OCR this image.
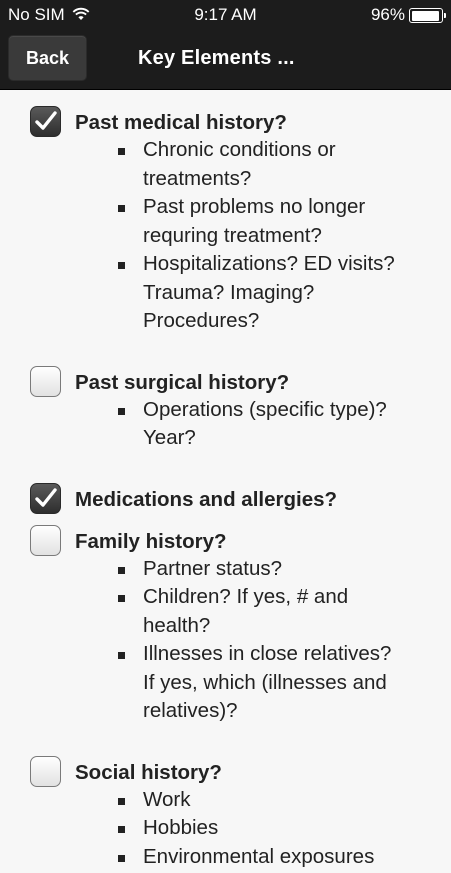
No SIM	9:17 AM	96%
Back	Key Elements ...
Past medical history?
Chronic conditions or
treatments?
Past problems no longer
requring treatment?
Hospitalizations? ED visits?
Trauma? Imaging?
Procedures?
Past surgical history?
Operations (specific type)?
Year?
Medications and allergies?
Family history?
Partner status?
Children? If yes, # and
health?
Illnesses in close relatives?
If yes, which (illnesses and
relatives)?
Social history?
Work
Hobbies
Environmental exposures
